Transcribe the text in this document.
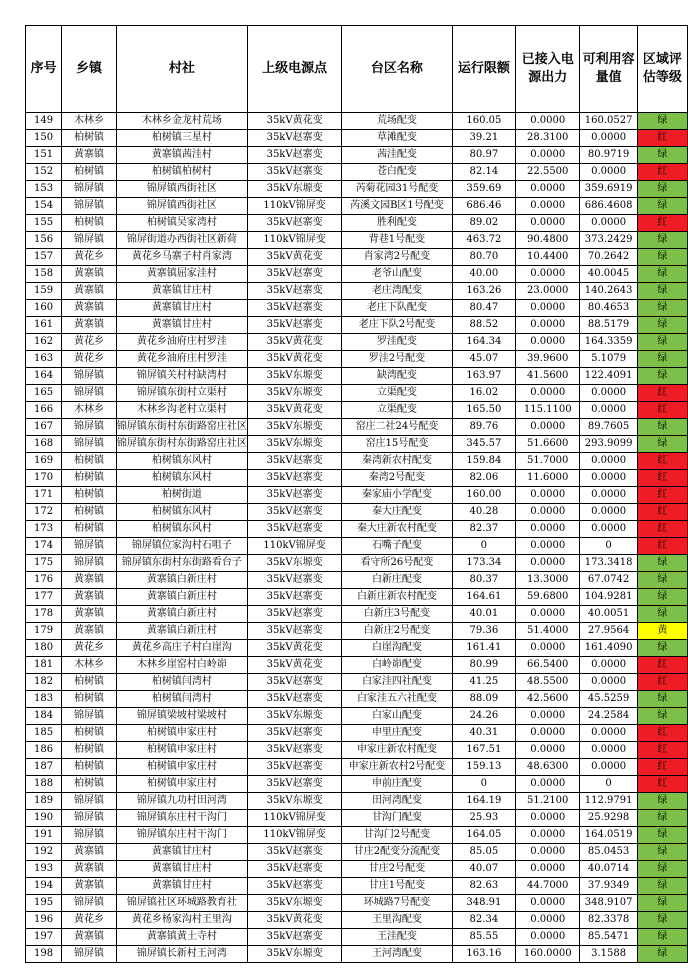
序号	乡镇	村社	上级电源点	台区名称	运行限额	已接入电源出力	可利用容量值	区域评估等级
149	木林乡	木林乡金龙村荒场	35kV黄花变	荒场配变	160.05	0.0000	160.0527	绿
150	柏树镇	柏树镇三星村	35kV赵寨变	草滩配变	39.21	28.3100	0.0000	红
151	黄寨镇	黄寨镇茜洼村	35kV赵寨变	茜洼配变	80.97	0.0000	80.9719	绿
152	柏树镇	柏树镇柏树村	35kV赵寨变	苍白配变	82.14	22.5500	0.0000	红
153	锦屏镇	锦屏镇西街社区	35kV东塬变	芮菊花园31号配变	359.69	0.0000	359.6919	绿
154	锦屏镇	锦屏镇西街社区	110kV锦屏变	芮溪文园B区1号配变	686.46	0.0000	686.4608	绿
155	柏树镇	柏树镇吴家湾村	35kV赵寨变	胜利配变	89.02	0.0000	0.0000	红
156	锦屏镇	锦屏街道办西街社区新荷	110kV锦屏变	背巷1号配变	463.72	90.4800	373.2429	绿
157	黄花乡	黄花乡马寨子村肖家湾	35kV黄花变	肖家湾2号配变	80.70	10.4400	70.2642	绿
158	黄寨镇	黄寨镇屈家洼村	35kV赵寨变	老爷山配变	40.00	0.0000	40.0045	绿
159	黄寨镇	黄寨镇甘庄村	35kV赵寨变	老庄湾配变	163.26	23.0000	140.2643	绿
160	黄寨镇	黄寨镇甘庄村	35kV赵寨变	老庄下队配变	80.47	0.0000	80.4653	绿
161	黄寨镇	黄寨镇甘庄村	35kV赵寨变	老庄下队2号配变	88.52	0.0000	88.5179	绿
162	黄花乡	黄花乡油府庄村罗洼	35kV黄花变	罗洼配变	164.34	0.0000	164.3359	绿
163	黄花乡	黄花乡油府庄村罗洼	35kV黄花变	罗洼2号配变	45.07	39.9600	5.1079	绿
164	锦屏镇	锦屏镇关村村缺湾村	35kV东塬变	缺湾配变	163.97	41.5600	122.4091	绿
165	锦屏镇	锦屏镇东街村立渠村	35kV东塬变	立渠配变	16.02	0.0000	0.0000	红
166	木林乡	木林乡沟老村立渠村	35kV黄花变	立渠配变	165.50	115.1100	0.0000	红
167	锦屏镇	锦屏镇东街村东街路窑庄社区	35kV东塬变	窑庄二社24号配变	89.76	0.0000	89.7605	绿
168	锦屏镇	锦屏镇东街村东街路窑庄社区	35kV东塬变	窑庄15号配变	345.57	51.6600	293.9099	绿
169	柏树镇	柏树镇东风村	35kV赵寨变	秦湾新农村配变	159.84	51.7000	0.0000	红
170	柏树镇	柏树镇东风村	35kV赵寨变	秦湾2号配变	82.06	11.6000	0.0000	红
171	柏树镇	柏树街道	35kV赵寨变	秦家庙小学配变	160.00	0.0000	0.0000	红
172	柏树镇	柏树镇东风村	35kV赵寨变	秦大庄配变	40.28	0.0000	0.0000	红
173	柏树镇	柏树镇东风村	35kV赵寨变	秦大庄新农村配变	82.37	0.0000	0.0000	红
174	锦屏镇	锦屏镇位家沟村石咀子	110kV锦屏变	石嘴子配变	0	0.0000	0	红
175	锦屏镇	锦屏镇东街村东街路看台子	35kV东塬变	看守所26号配变	173.34	0.0000	173.3418	绿
176	黄寨镇	黄寨镇白新庄村	35kV赵寨变	白新庄配变	80.37	13.3000	67.0742	绿
177	黄寨镇	黄寨镇白新庄村	35kV赵寨变	白新庄新农村配变	164.61	59.6800	104.9281	绿
178	黄寨镇	黄寨镇白新庄村	35kV赵寨变	白新庄3号配变	40.01	0.0000	40.0051	绿
179	黄寨镇	黄寨镇白新庄村	35kV赵寨变	白新庄2号配变	79.36	51.4000	27.9564	黄
180	黄花乡	黄花乡高庄子村白崖沟	35kV黄花变	白崖沟配变	161.41	0.0000	161.4090	绿
181	木林乡	木林乡崖窑村白岭峁	35kV黄花变	白岭峁配变	80.99	66.5400	0.0000	红
182	柏树镇	柏树镇闫湾村	35kV赵寨变	白家洼四社配变	41.25	48.5500	0.0000	红
183	柏树镇	柏树镇闫湾村	35kV赵寨变	白家洼五六社配变	88.09	42.5600	45.5259	绿
184	锦屏镇	锦屏镇梁坡村梁坡村	35kV东塬变	白家山配变	24.26	0.0000	24.2584	绿
185	柏树镇	柏树镇申家庄村	35kV赵寨变	申里庄配变	40.31	0.0000	0.0000	红
186	柏树镇	柏树镇申家庄村	35kV赵寨变	申家庄新农村配变	167.51	0.0000	0.0000	红
187	柏树镇	柏树镇申家庄村	35kV赵寨变	申家庄新农村2号配变	159.13	48.6300	0.0000	红
188	柏树镇	柏树镇申家庄村	35kV赵寨变	申前庄配变	0	0.0000	0	红
189	锦屏镇	锦屏镇九功村田河湾	35kV东塬变	田河湾配变	164.19	51.2100	112.9791	绿
190	锦屏镇	锦屏镇东庄村干沟门	110kV锦屏变	甘沟门配变	25.93	0.0000	25.9298	绿
191	锦屏镇	锦屏镇东庄村干沟门	110kV锦屏变	甘沟门2号配变	164.05	0.0000	164.0519	绿
192	黄寨镇	黄寨镇甘庄村	35kV赵寨变	甘庄2配变分流配变	85.05	0.0000	85.0453	绿
193	黄寨镇	黄寨镇甘庄村	35kV赵寨变	甘庄2号配变	40.07	0.0000	40.0714	绿
194	黄寨镇	黄寨镇甘庄村	35kV赵寨变	甘庄1号配变	82.63	44.7000	37.9349	绿
195	锦屏镇	锦屏镇社区环城路教育社	35kV东塬变	环城路7号配变	348.91	0.0000	348.9107	绿
196	黄花乡	黄花乡杨家沟村王里沟	35kV黄花变	王里沟配变	82.34	0.0000	82.3378	绿
197	黄寨镇	黄寨镇黄土寺村	35kV赵寨变	王洼配变	85.55	0.0000	85.5471	绿
198	锦屏镇	锦屏镇长新村王河湾	35kV东塬变	王河湾配变	163.16	160.0000	3.1588	绿
